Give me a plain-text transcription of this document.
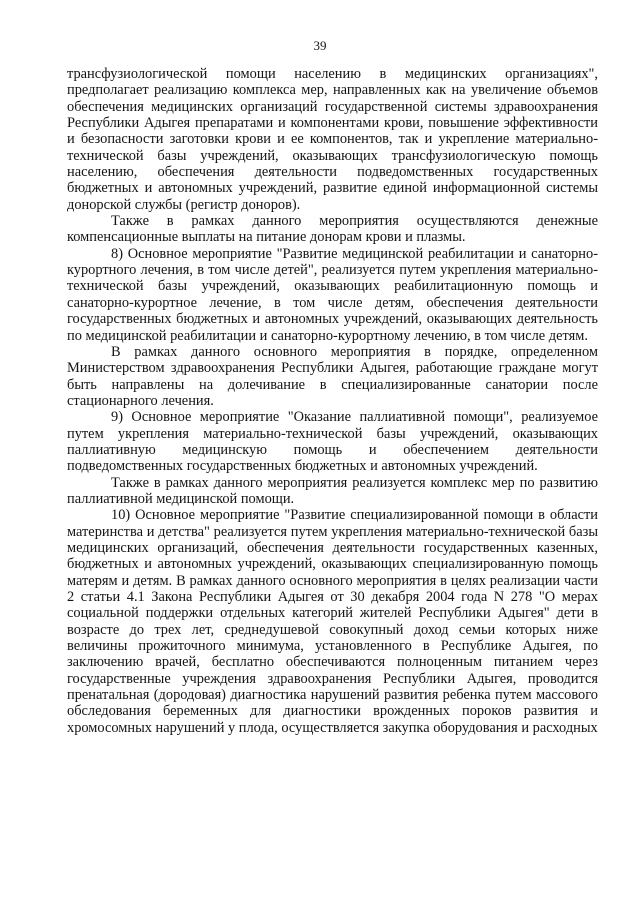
39

трансфузиологической помощи населению в медицинских организациях", предполагает реализацию комплекса мер, направленных как на увеличение объемов обеспечения медицинских организаций государственной системы здравоохранения Республики Адыгея препаратами и компонентами крови, повышение эффективности и безопасности заготовки крови и ее компонентов, так и укрепление материально-технической базы учреждений, оказывающих трансфузиологическую помощь населению, обеспечения деятельности подведомственных государственных бюджетных и автономных учреждений, развитие единой информационной системы донорской службы (регистр доноров).

Также в рамках данного мероприятия осуществляются денежные компенсационные выплаты на питание донорам крови и плазмы.

8) Основное мероприятие "Развитие медицинской реабилитации и санаторно-курортного лечения, в том числе детей", реализуется путем укрепления материально-технической базы учреждений, оказывающих реабилитационную помощь и санаторно-курортное лечение, в том числе детям, обеспечения деятельности государственных бюджетных и автономных учреждений, оказывающих деятельность по медицинской реабилитации и санаторно-курортному лечению, в том числе детям.

В рамках данного основного мероприятия в порядке, определенном Министерством здравоохранения Республики Адыгея, работающие граждане могут быть направлены на долечивание в специализированные санатории после стационарного лечения.

9) Основное мероприятие "Оказание паллиативной помощи", реализуемое путем укрепления материально-технической базы учреждений, оказывающих паллиативную медицинскую помощь и обеспечением деятельности подведомственных государственных бюджетных и автономных учреждений.

Также в рамках данного мероприятия реализуется комплекс мер по развитию паллиативной медицинской помощи.

10) Основное мероприятие "Развитие специализированной помощи в области материнства и детства" реализуется путем укрепления материально-технической базы медицинских организаций, обеспечения деятельности государственных казенных, бюджетных и автономных учреждений, оказывающих специализированную помощь матерям и детям. В рамках данного основного мероприятия в целях реализации части 2 статьи 4.1 Закона Республики Адыгея от 30 декабря 2004 года N 278 "О мерах социальной поддержки отдельных категорий жителей Республики Адыгея" дети в возрасте до трех лет, среднедушевой совокупный доход семьи которых ниже величины прожиточного минимума, установленного в Республике Адыгея, по заключению врачей, бесплатно обеспечиваются полноценным питанием через государственные учреждения здравоохранения Республики Адыгея, проводится пренатальная (дородовая) диагностика нарушений развития ребенка путем массового обследования беременных для диагностики врожденных пороков развития и хромосомных нарушений у плода, осуществляется закупка оборудования и расходных
